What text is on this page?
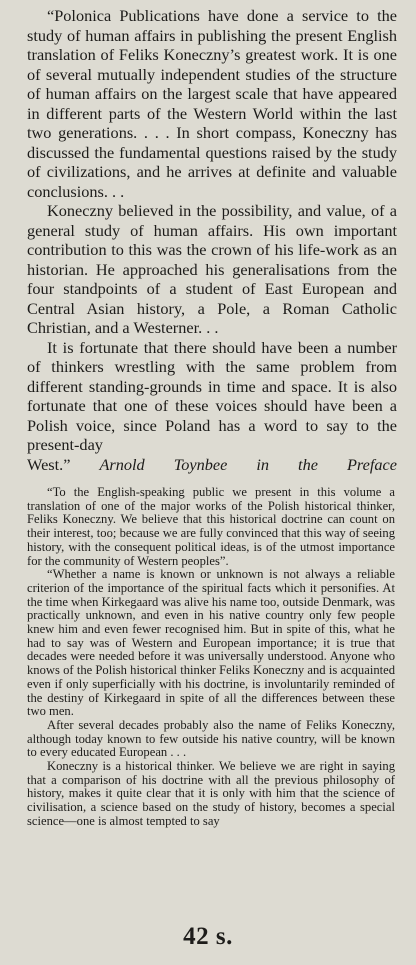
“Polonica Publications have done a service to the study of human affairs in publishing the present English translation of Feliks Koneczny’s greatest work. It is one of several mutually independent studies of the structure of human affairs on the largest scale that have appeared in different parts of the Western World within the last two generations. . . . In short compass, Koneczny has discussed the fundamental questions raised by the study of civilizations, and he arrives at definite and valuable conclusions. . .

Koneczny believed in the possibility, and value, of a general study of human affairs. His own important contribution to this was the crown of his life-work as an historian. He approached his generalisations from the four standpoints of a student of East European and Central Asian history, a Pole, a Roman Catholic Christian, and a Westerner. . .

It is fortunate that there should have been a number of thinkers wrestling with the same problem from different standing-grounds in time and space. It is also fortunate that one of these voices should have been a Polish voice, since Poland has a word to say to the present-day

West.” Arnold Toynbee in the Preface

“To the English-speaking public we present in this volume a translation of one of the major works of the Polish historical thinker, Feliks Koneczny. We believe that this historical doctrine can count on their interest, too; because we are fully convinced that this way of seeing history, with the consequent political ideas, is of the utmost importance for the community of Western peoples”.

“Whether a name is known or unknown is not always a reliable criterion of the importance of the spiritual facts which it personifies. At the time when Kirkegaard was alive his name too, outside Denmark, was practically unknown, and even in his native country only few people knew him and even fewer recognised him. But in spite of this, what he had to say was of Western and European importance; it is true that decades were needed before it was universally understood. Anyone who knows of the Polish historical thinker Feliks Koneczny and is acquainted even if only superficially with his doctrine, is involuntarily reminded of the destiny of Kirkegaard in spite of all the differences between these two men.

After several decades probably also the name of Feliks Koneczny, although today known to few outside his native country, will be known to every educated European . . .

Koneczny is a historical thinker. We believe we are right in saying that a comparison of his doctrine with all the previous philosophy of history, makes it quite clear that it is only with him that the science of civilisation, a science based on the study of history, becomes a special science—one is almost tempted to say

42 s.
